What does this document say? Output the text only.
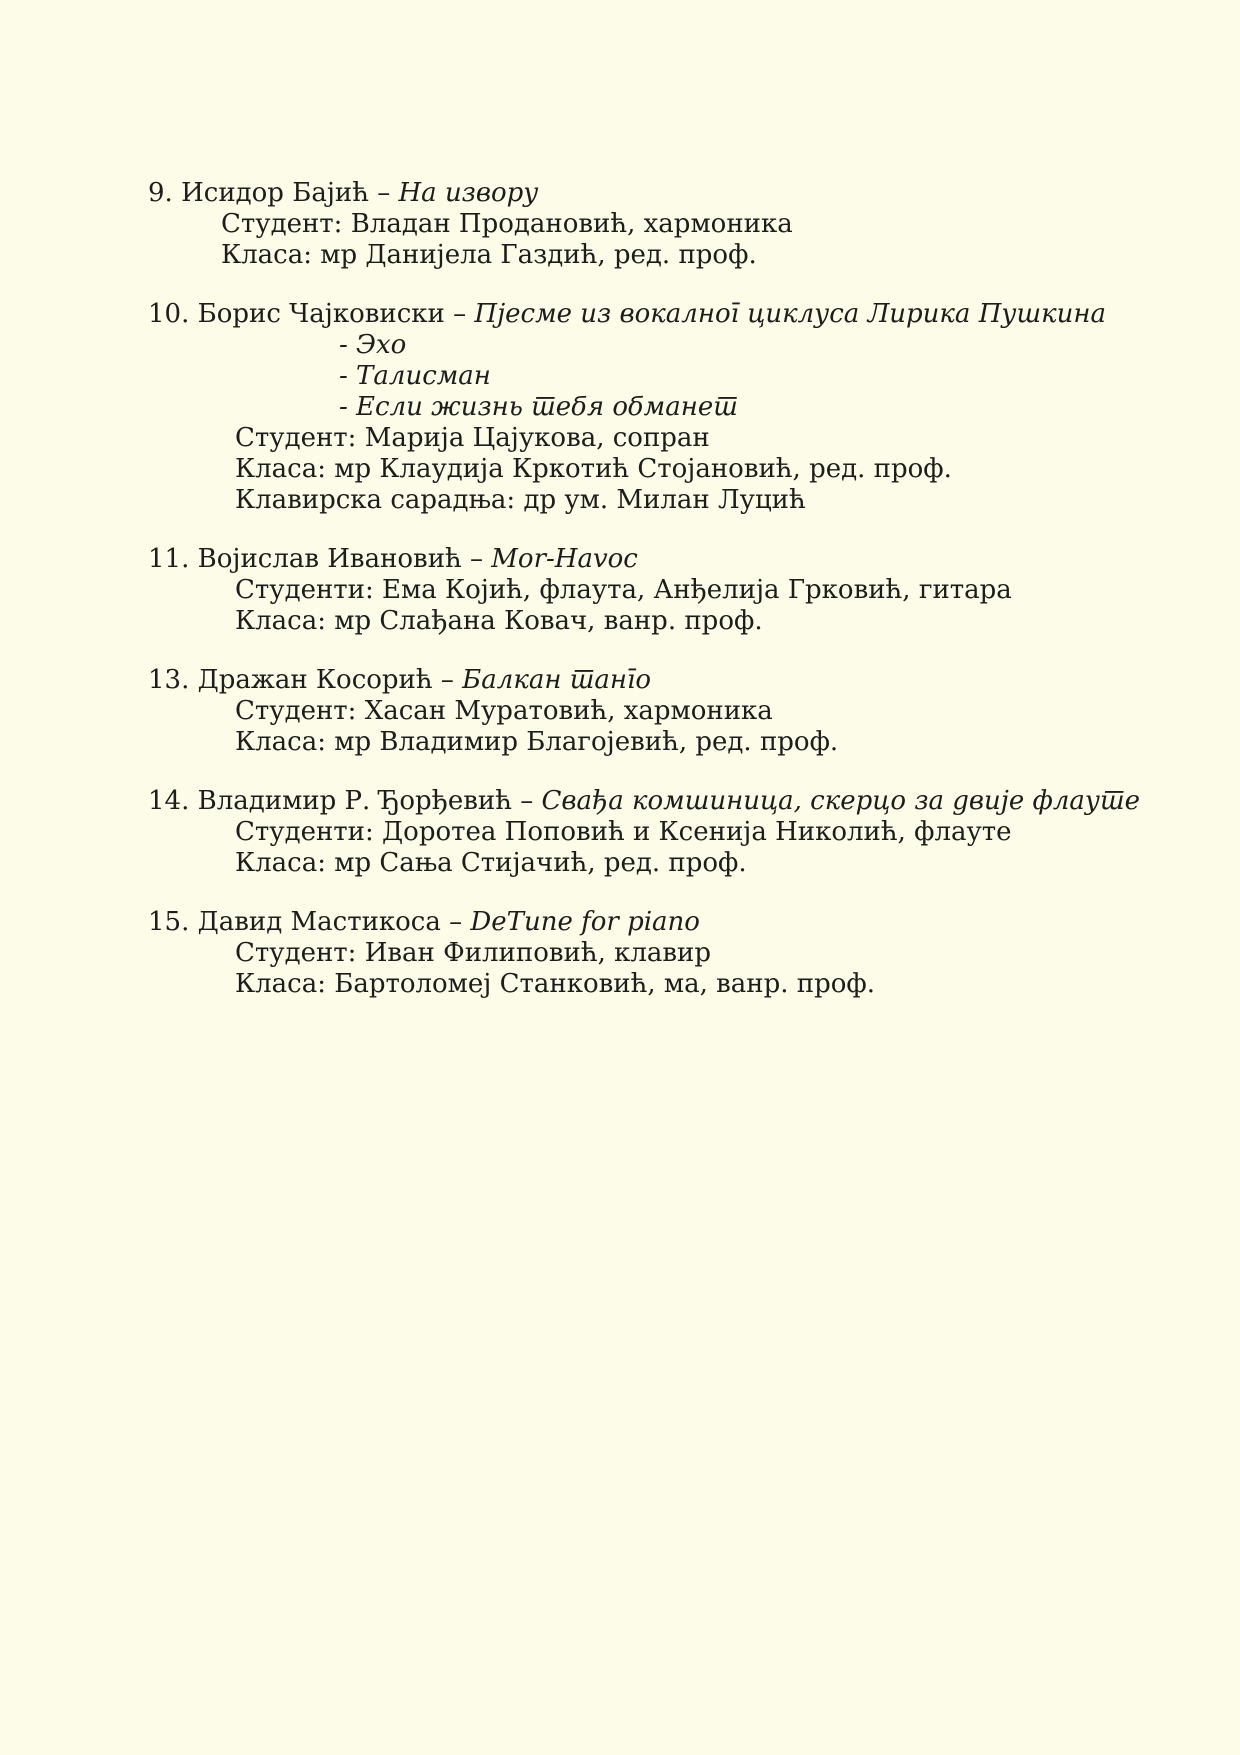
9. Исидор Бајић – На извору

Студент: Владан Продановић, хармоника

Класа: мр Данијела Газдић, ред. проф.

10. Борис Чајковиски – Пјесме из вокалног циклуса Лирика Пушкина

- Эхо

- Талисман

- Если жизнь тебя обманет

Студент: Марија Цајукова, сопран

Класа: мр Клаудија Кркотић Стојановић, ред. проф.

Клавирска сарадња: др ум. Милан Луцић

11. Војислав Ивановић – Mor-Havoc

Студенти: Ема Којић, флаута, Анђелија Грковић, гитара

Класа: мр Слађана Ковач, ванр. проф.

13. Дражан Косорић – Балкан танго

Студент: Хасан Муратовић, хармоника

Класа: мр Владимир Благојевић, ред. проф.

14. Владимир Р. Ђорђевић – Свађа комшиница, скерцо за двије флауте

Студенти: Доротеа Поповић и Ксенија Николић, флауте

Класа: мр Сања Стијачић, ред. проф.

15. Давид Мастикоса – DeTune for piano

Студент: Иван Филиповић, клавир

Класа: Бартоломеј Станковић, ма, ванр. проф.
